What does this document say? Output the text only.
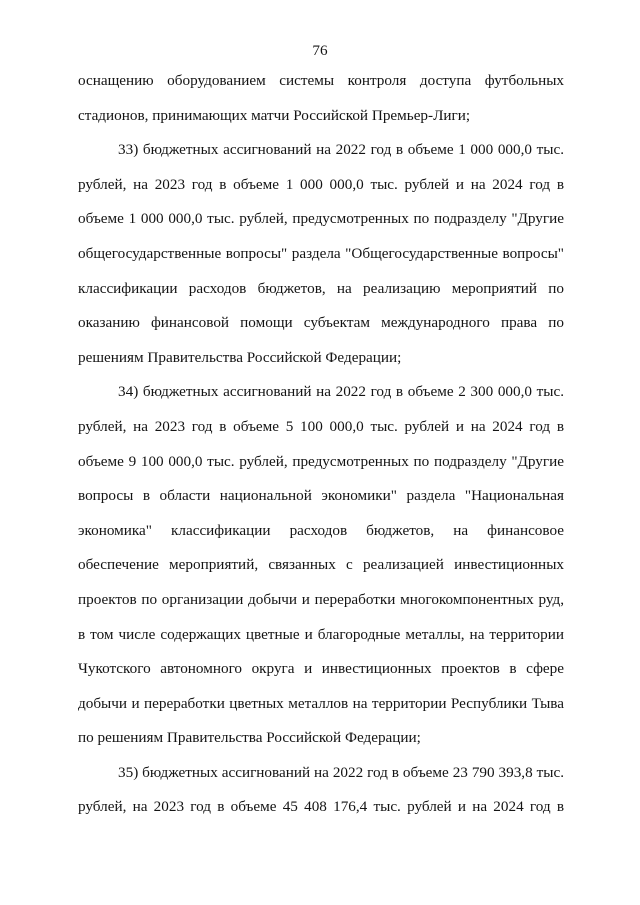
76
оснащению оборудованием системы контроля доступа футбольных
стадионов, принимающих матчи Российской Премьер-Лиги;
33) бюджетных ассигнований на 2022 год в объеме 1 000 000,0 тыс.
рублей, на 2023 год в объеме 1 000 000,0 тыс. рублей и на 2024 год в
объеме 1 000 000,0 тыс. рублей, предусмотренных по подразделу "Другие
общегосударственные вопросы" раздела "Общегосударственные вопросы"
классификации расходов бюджетов, на реализацию мероприятий по
оказанию финансовой помощи субъектам международного права по
решениям Правительства Российской Федерации;
34) бюджетных ассигнований на 2022 год в объеме 2 300 000,0 тыс.
рублей, на 2023 год в объеме 5 100 000,0 тыс. рублей и на 2024 год в
объеме 9 100 000,0 тыс. рублей, предусмотренных по подразделу "Другие
вопросы в области национальной экономики" раздела "Национальная
экономика" классификации расходов бюджетов, на финансовое
обеспечение мероприятий, связанных с реализацией инвестиционных
проектов по организации добычи и переработки многокомпонентных руд,
в том числе содержащих цветные и благородные металлы, на территории
Чукотского автономного округа и инвестиционных проектов в сфере
добычи и переработки цветных металлов на территории Республики Тыва
по решениям Правительства Российской Федерации;
35) бюджетных ассигнований на 2022 год в объеме 23 790 393,8 тыс.
рублей, на 2023 год в объеме 45 408 176,4 тыс. рублей и на 2024 год в
